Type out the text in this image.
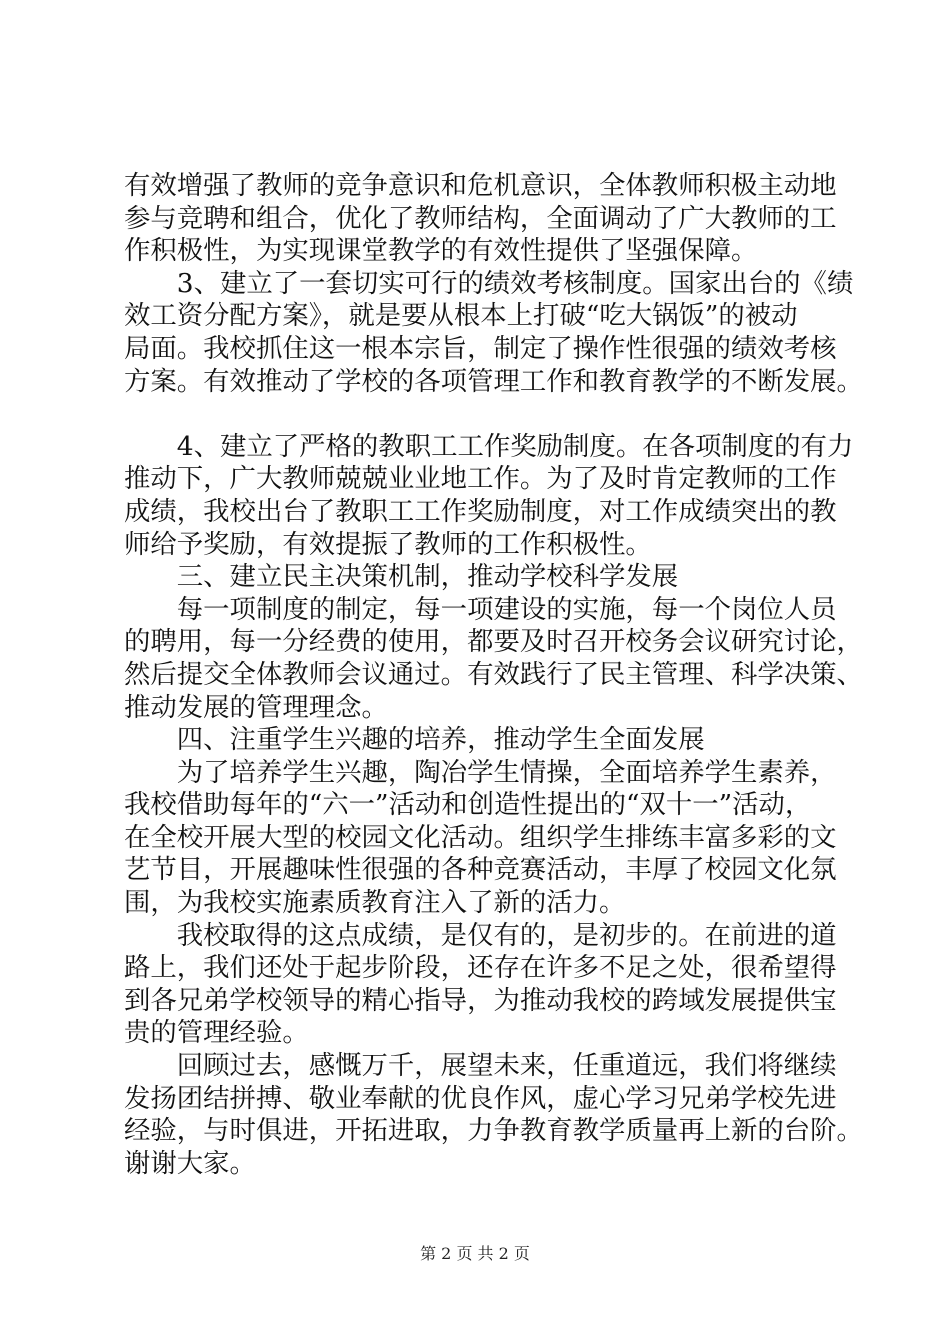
有效增强了教师的竞争意识和危机意识，全体教师积极主动地
参与竞聘和组合，优化了教师结构，全面调动了广大教师的工
作积极性，为实现课堂教学的有效性提供了坚强保障。
　　3、建立了一套切实可行的绩效考核制度。国家出台的《绩
效工资分配方案》，就是要从根本上打破“吃大锅饭”的被动
局面。我校抓住这一根本宗旨，制定了操作性很强的绩效考核
方案。有效推动了学校的各项管理工作和教育教学的不断发展。
　　4、建立了严格的教职工工作奖励制度。在各项制度的有力
推动下，广大教师兢兢业业地工作。为了及时肯定教师的工作
成绩，我校出台了教职工工作奖励制度，对工作成绩突出的教
师给予奖励，有效提振了教师的工作积极性。
　　三、建立民主决策机制，推动学校科学发展
　　每一项制度的制定，每一项建设的实施，每一个岗位人员
的聘用，每一分经费的使用，都要及时召开校务会议研究讨论，
然后提交全体教师会议通过。有效践行了民主管理、科学决策、
推动发展的管理理念。
　　四、注重学生兴趣的培养，推动学生全面发展
　　为了培养学生兴趣，陶冶学生情操，全面培养学生素养，
我校借助每年的“六一”活动和创造性提出的“双十一”活动，
在全校开展大型的校园文化活动。组织学生排练丰富多彩的文
艺节目，开展趣味性很强的各种竞赛活动，丰厚了校园文化氛
围，为我校实施素质教育注入了新的活力。
　　我校取得的这点成绩，是仅有的，是初步的。在前进的道
路上，我们还处于起步阶段，还存在许多不足之处，很希望得
到各兄弟学校领导的精心指导，为推动我校的跨域发展提供宝
贵的管理经验。
　　回顾过去，感慨万千，展望未来，任重道远，我们将继续
发扬团结拼搏、敬业奉献的优良作风，虚心学习兄弟学校先进
经验，与时俱进，开拓进取，力争教育教学质量再上新的台阶。
谢谢大家。
第 2 页 共 2 页
